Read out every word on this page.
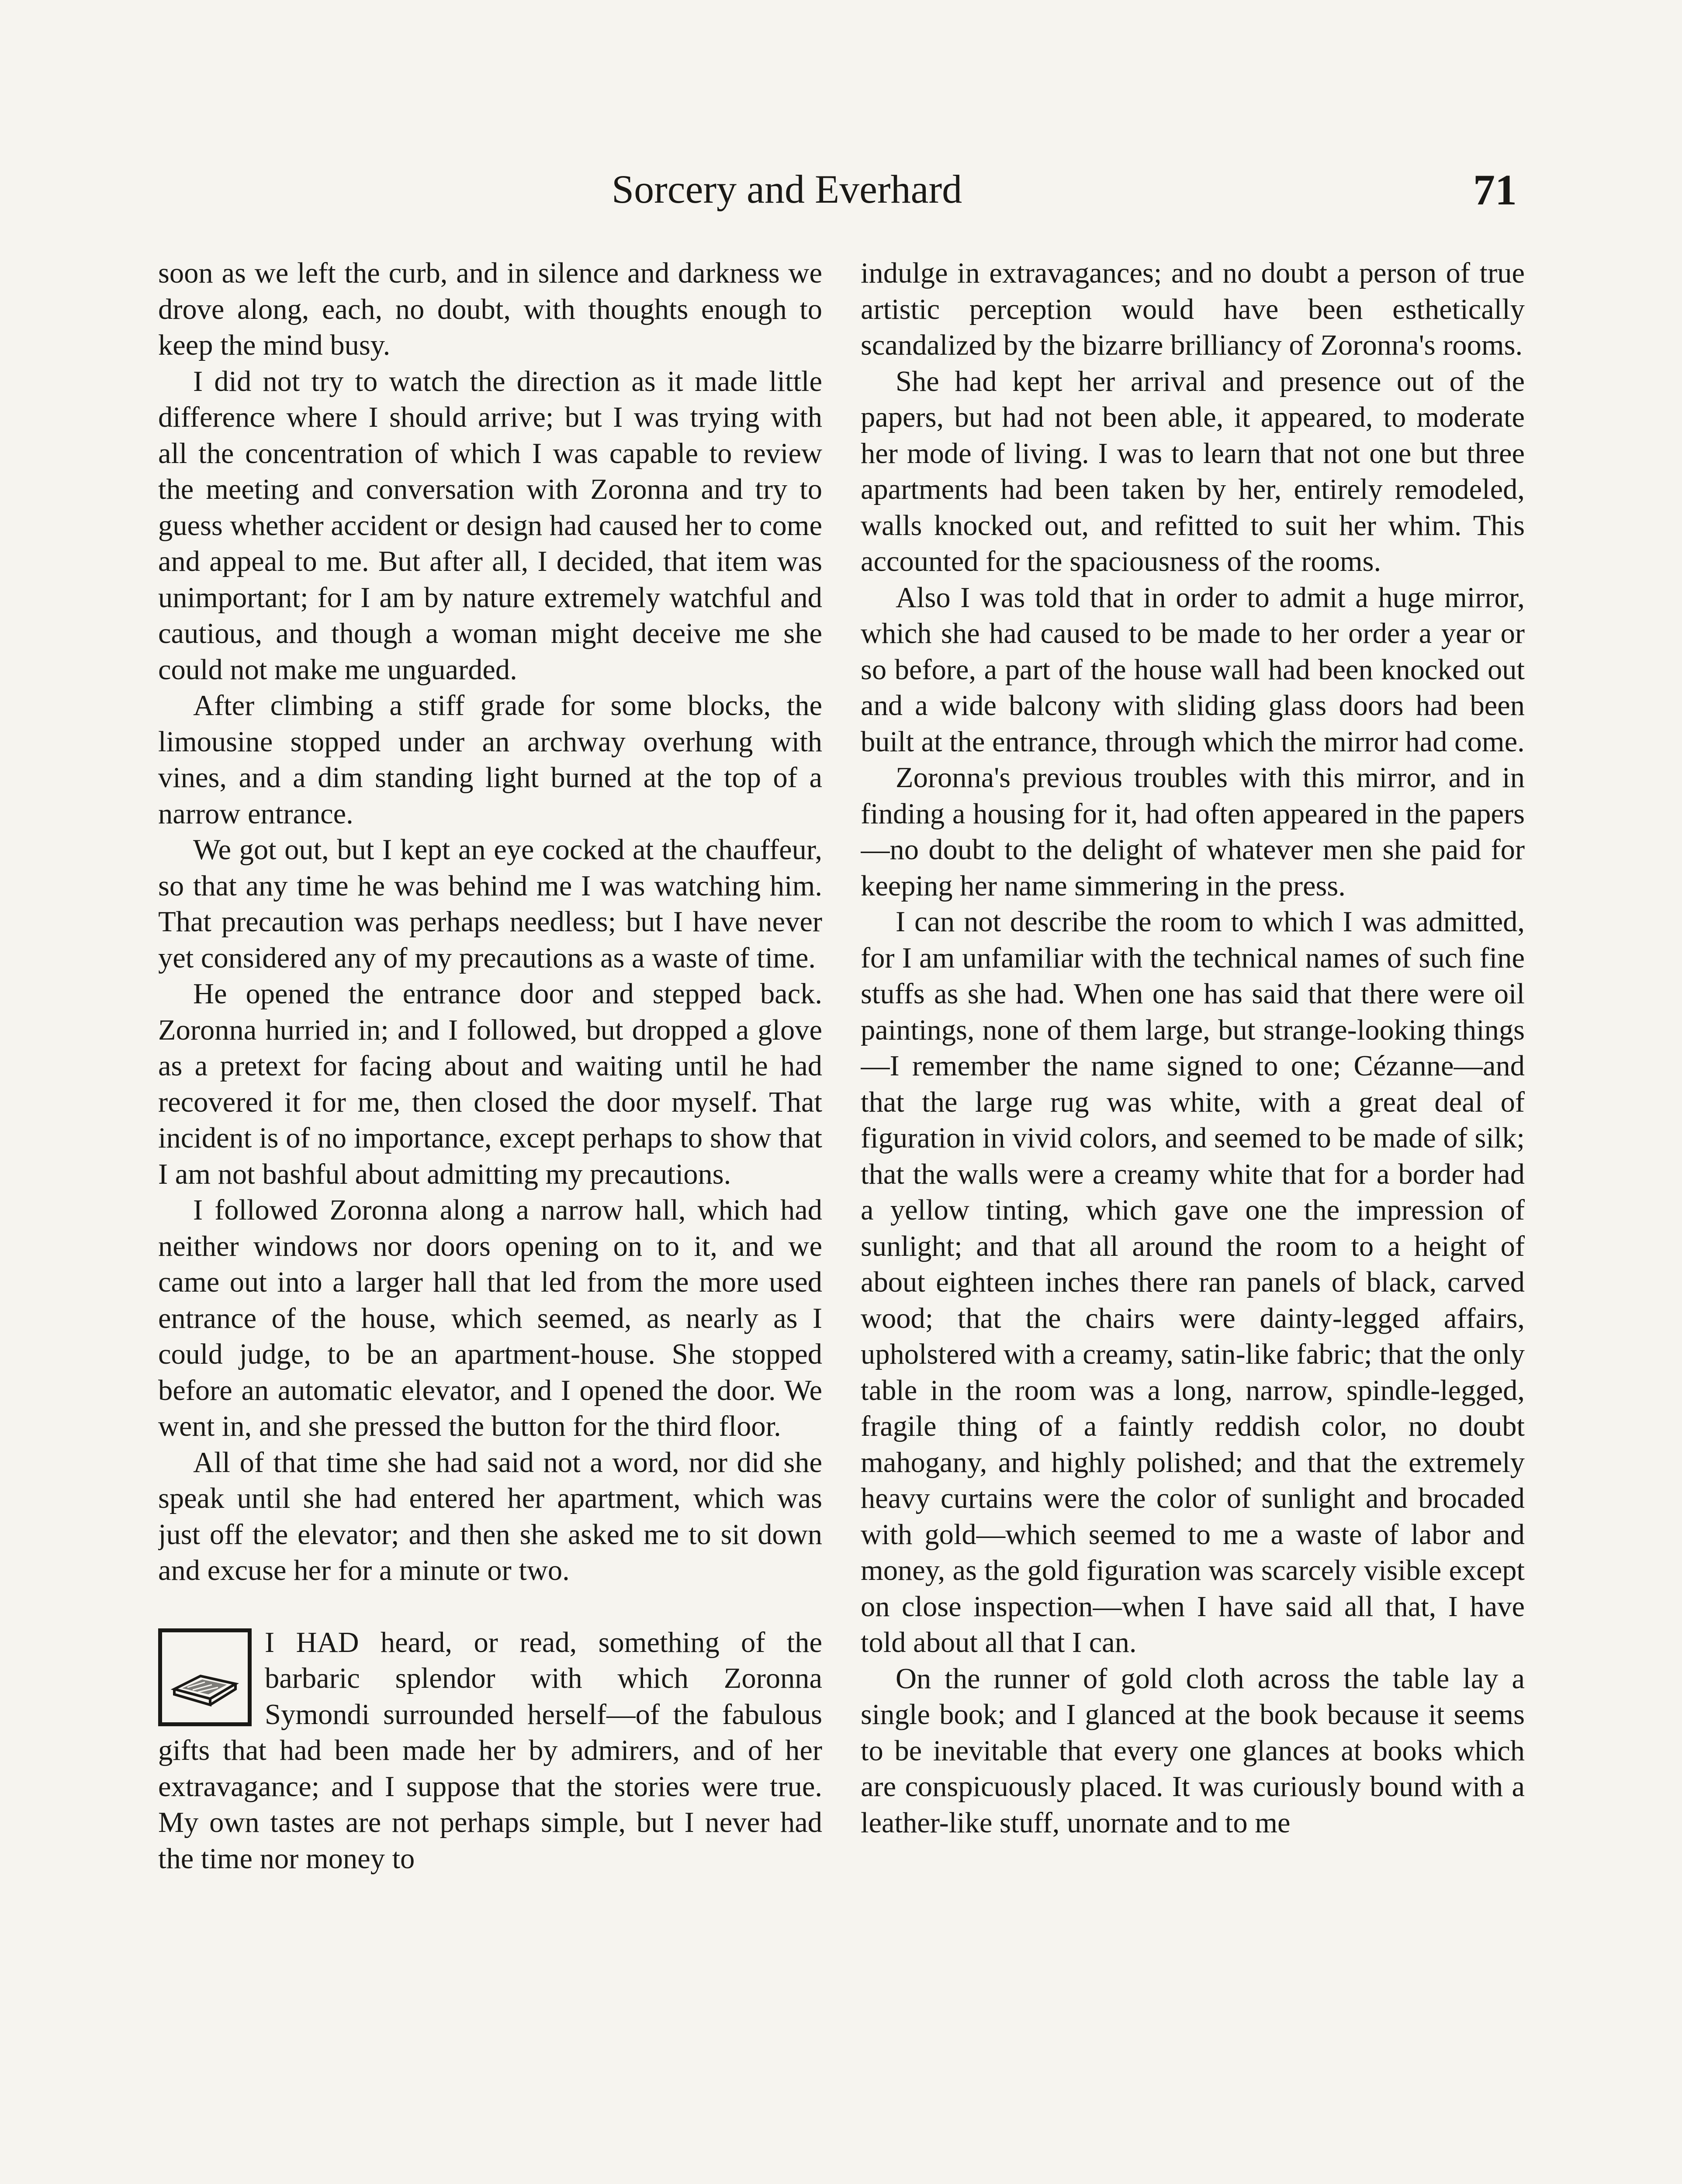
Sorcery and Everhard	71

soon as we left the curb, and in silence and darkness we drove along, each, no doubt, with thoughts enough to keep the mind busy.

I did not try to watch the direction as it made little difference where I should arrive; but I was trying with all the concentration of which I was capable to review the meeting and conversation with Zoronna and try to guess whether accident or design had caused her to come and appeal to me. But after all, I decided, that item was unimportant; for I am by nature extremely watchful and cautious, and though a woman might deceive me she could not make me unguarded.

After climbing a stiff grade for some blocks, the limousine stopped under an archway overhung with vines, and a dim standing light burned at the top of a narrow entrance.

We got out, but I kept an eye cocked at the chauffeur, so that any time he was behind me I was watching him. That precaution was perhaps needless; but I have never yet considered any of my precautions as a waste of time.

He opened the entrance door and stepped back. Zoronna hurried in; and I followed, but dropped a glove as a pretext for facing about and waiting until he had recovered it for me, then closed the door myself. That incident is of no importance, except perhaps to show that I am not bashful about admitting my precautions.

I followed Zoronna along a narrow hall, which had neither windows nor doors opening on to it, and we came out into a larger hall that led from the more used entrance of the house, which seemed, as nearly as I could judge, to be an apartment-house. She stopped before an automatic elevator, and I opened the door. We went in, and she pressed the button for the third floor.

All of that time she had said not a word, nor did she speak until she had entered her apartment, which was just off the elevator; and then she asked me to sit down and excuse her for a minute or two.

I HAD heard, or read, something of the barbaric splendor with which Zoronna Symondi surrounded herself—of the fabulous gifts that had been made her by admirers, and of her extravagance; and I suppose that the stories were true. My own tastes are not perhaps simple, but I never had the time nor money to

indulge in extravagances; and no doubt a person of true artistic perception would have been esthetically scandalized by the bizarre brilliancy of Zoronna's rooms.

She had kept her arrival and presence out of the papers, but had not been able, it appeared, to moderate her mode of living. I was to learn that not one but three apartments had been taken by her, entirely remodeled, walls knocked out, and refitted to suit her whim. This accounted for the spaciousness of the rooms.

Also I was told that in order to admit a huge mirror, which she had caused to be made to her order a year or so before, a part of the house wall had been knocked out and a wide balcony with sliding glass doors had been built at the entrance, through which the mirror had come.

Zoronna's previous troubles with this mirror, and in finding a housing for it, had often appeared in the papers—no doubt to the delight of whatever men she paid for keeping her name simmering in the press.

I can not describe the room to which I was admitted, for I am unfamiliar with the technical names of such fine stuffs as she had. When one has said that there were oil paintings, none of them large, but strange-looking things—I remember the name signed to one; Cézanne—and that the large rug was white, with a great deal of figuration in vivid colors, and seemed to be made of silk; that the walls were a creamy white that for a border had a yellow tinting, which gave one the impression of sunlight; and that all around the room to a height of about eighteen inches there ran panels of black, carved wood; that the chairs were dainty-legged affairs, upholstered with a creamy, satin-like fabric; that the only table in the room was a long, narrow, spindle-legged, fragile thing of a faintly reddish color, no doubt mahogany, and highly polished; and that the extremely heavy curtains were the color of sunlight and brocaded with gold—which seemed to me a waste of labor and money, as the gold figuration was scarcely visible except on close inspection—when I have said all that, I have told about all that I can.

On the runner of gold cloth across the table lay a single book; and I glanced at the book because it seems to be inevitable that every one glances at books which are conspicuously placed. It was curiously bound with a leather-like stuff, unornate and to me
